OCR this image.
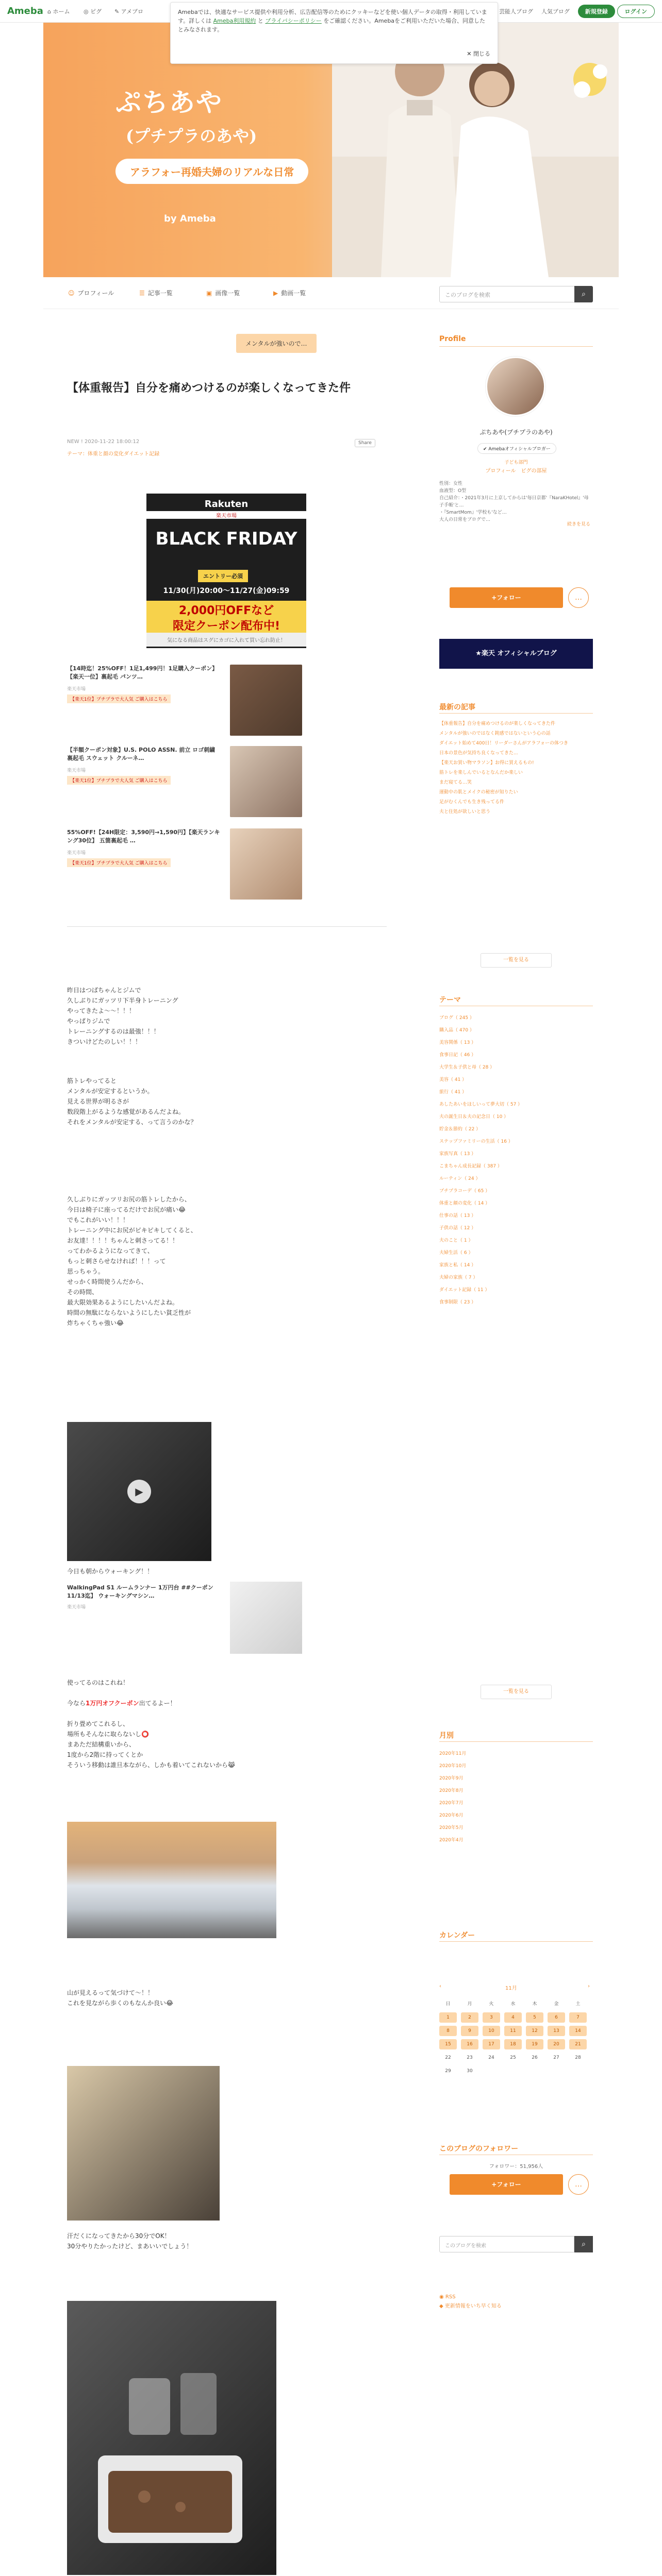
Ameba ⌂ ホーム ◎ ピグ ✎ アメブロ	芸能人ブログ 人気ブログ	新規登録	ログイン
Amebaでは、快適なサービス提供や利用分析、広告配信等のためにクッキーなどを使い個人データの取得・利用しています。詳しくは Ameba利用規約 と プライバシーポリシー をご確認ください。Amebaをご利用いただいた場合、同意したとみなされます。
✕ 閉じる
ぷちあや
(プチプラのあや)
アラフォー再婚夫婦のリアルな日常
by Ameba
☺ プロフィール	☰ 記事一覧	▣ 画像一覧	▶ 動画一覧	このブログを検索	⌕
メンタルが強いので…
【体重報告】自分を痛めつけるのが楽しくなってきた件
NEW ! 2020-11-22 18:00:12
テーマ：体重と顔の変化ダイエット記録
Share
Rakuten
楽天市場
BLACK FRIDAY
エントリー必須
11/30(月)20:00〜11/27(金)09:59
2,000円OFFなど
限定クーポン配布中!
気になる商品はスグにカゴに入れて買い忘れ防止！
【14時迄！25%OFF！1足1,499円！1足購入クーポン】【楽天一位】裏起毛 パンツ…
楽天市場
【楽天1位】プチプラで大人気 ご購入はこちら
【半額クーポン対象】U.S. POLO ASSN. 前立 ロゴ刺繍 裏起毛 スウェット クルーネ…
楽天市場
【楽天1位】プチプラで大人気 ご購入はこちら
55%OFF!【24H限定：3,590円→1,590円】【楽天ランキング30位】 五箇裏起毛 …
楽天市場
【楽天1位】プチプラで大人気 ご購入はこちら
昨日はつばちゃんとジムで
久しぶりにガッツリ下半身トレーニング
やってきたよ〜〜！！！
やっぱりジムで
トレーニングするのは最強！！！
きついけどたのしい！！！
筋トレやってると
メンタルが安定するというか。
見える世界が明るさが
数段階上がるような感覚があるんだよね。
それをメンタルが安定する、って言うのかな？
久しぶりにガッツリお尻の筋トレしたから、
今日は椅子に座ってるだけでお尻が痛い😂
でもこれがいい！！！
トレーニング中にお尻がピキピキしてくると、
お友達！！！！ちゃんと刺さってる！！
ってわかるようになってきて、
もっと刺さらせなければ！！！って
思っちゃう。
せっかく時間使うんだから、
その時間、
最大限効果あるようにしたいんだよね。
時間の無駄にならないようにしたい貧乏性が
炸ちゃくちゃ強い😂
▶
今日も朝からウォーキング！！
WalkingPad S1 ルームランナー 1万円台 ##クーポン11/13迄】 ウォーキングマシン…
楽天市場

使ってるのはこれね！

今なら1万円オフクーポン出てるよー！

折り畳めてこれるし、
場所もそんなに取らないし⭕️
まあただ結構重いから、
1度から2階に持ってくとか
そういう移動は誰旦本ながら、しかも着いてこれないから😹

山が見えるって気づけて〜！！
これを見ながら歩くのもなんか良い😂
汗だくになってきたから30分でOK！
30分やりたかったけど、まあいいでしょう！
Profile
ぷちあや(プチプラのあや)
✔ Amebaオフィシャルブロガー
子ども部門
プロフィール　ピグの部屋
性別：女性
血液型：O型
自己紹介：・2021年3月に上京してからは'毎日京都'『NaraKHotel』'母子手帳'と…
・『SmartMom』'学校も'など…
大人の日常をブログで…
続きを見る
+フォロー	…
★楽天 オフィシャルブログ
最新の記事
【体重報告】自分を痛めつけるのが楽しくなってきた件
メンタルが強いのではなく鈍感ではないという心の話
ダイエット始めて400日！リーダーさんがアラフォーの体つき
日本の景色が気持ち良くなってきた...
【楽天お買い物マラソン】お得に買えるもの!
筋トレを楽しんでいるとなんだか楽しい
まだ寝てる…笑
運動中の肌とメイクの秘密が知りたい
足がむくんでも生き残ってる件
夫と住処が欲しいと思う
一覧を見る
テーマ
ブログ（ 245 ）
購入品（ 470 ）
美容関係（ 13 ）
食事日記（ 46 ）
大学生＆子供と母（ 28 ）
美容（ 41 ）
旅行（ 41 ）
あしたあいをほしいって夢大切（ 57 ）
夫の誕生日＆夫の記念日（ 10 ）
貯金＆節約（ 22 ）
ステップファミリーの生活（ 16 ）
家族写真（ 13 ）
こまちゃん成長記録（ 387 ）
ルーティン（ 24 ）
プチプラコーデ（ 65 ）
体重と顔の変化（ 14 ）
仕事の話（ 13 ）
子供の話（ 12 ）
夫のこと（ 1 ）
夫婦生活（ 6 ）
家族と私（ 14 ）
夫婦の家族（ 7 ）
ダイエット記録（ 11 ）
食事制限（ 23 ）
一覧を見る
月別
2020年11月
2020年10月
2020年9月
2020年8月
2020年7月
2020年6月
2020年5月
2020年4月
カレンダー
‹	11月	›
日	月	火	水	木	金	土
1	2	3	4	5	6	7
8	9	10	11	12	13	14
15	16	17	18	19	20	21
22	23	24	25	26	27	28
29	30
このブログのフォロワー
フォロワー：51,956人
+フォロー	…
このブログを検索	⌕
◉ RSS
◆ 更新情報をいち早く知る
